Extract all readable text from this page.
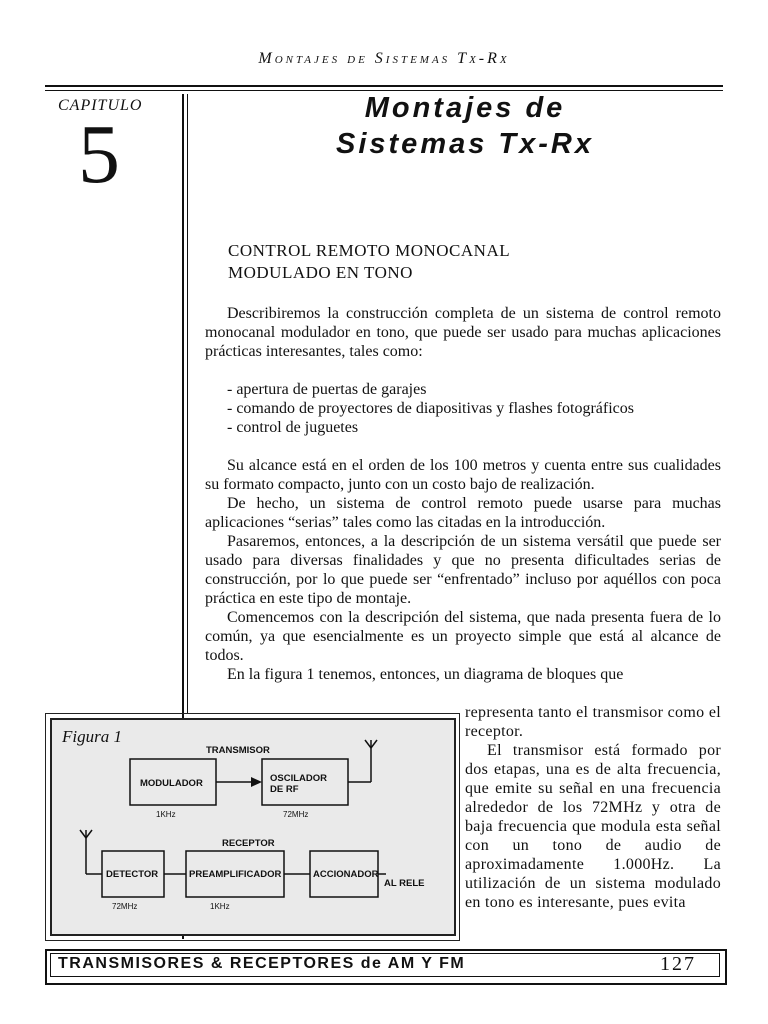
Montajes de Sistemas Tx-Rx
CAPITULO
5	Montajes de
Sistemas Tx-Rx
CONTROL REMOTO MONOCANAL
MODULADO EN TONO

Describiremos la construcción completa de un sistema de control remoto monocanal modulador en tono, que puede ser usado para muchas aplicaciones prácticas interesantes, tales como:

- apertura de puertas de garajes

- comando de proyectores de diapositivas y flashes fotográficos

- control de juguetes

Su alcance está en el orden de los 100 metros y cuenta entre sus cualidades su formato compacto, junto con un costo bajo de realización.

De hecho, un sistema de control remoto puede usarse para muchas aplicaciones “serias” tales como las citadas en la introducción.

Pasaremos, entonces, a la descripción de un sistema versátil que puede ser usado para diversas finalidades y que no presenta dificultades serias de construcción, por lo que puede ser “enfrentado” incluso por aquéllos con poca práctica en este tipo de montaje.

Comencemos con la descripción del sistema, que nada presenta fuera de lo común, ya que esencialmente es un proyecto simple que está al alcance de todos.

En la figura 1 tenemos, entonces, un diagrama de bloques que

representa tanto el transmisor como el receptor.

El transmisor está formado por dos etapas, una es de alta frecuencia, que emite su señal en una frecuencia alrededor de los 72MHz y otra de baja frecuencia que modula esta señal con un tono de audio de aproximadamente 1.000Hz. La utilización de un sistema modulado en tono es interesante, pues evita

Figura 1
TRANSMISOR
MODULADOR	OSCILADOR
DE RF
1KHz	72MHz
RECEPTOR
DETECTOR	PREAMPLIFICADOR	ACCIONADOR
AL RELE
72MHz	1KHz
TRANSMISORES & RECEPTORES de AM Y FM	127
